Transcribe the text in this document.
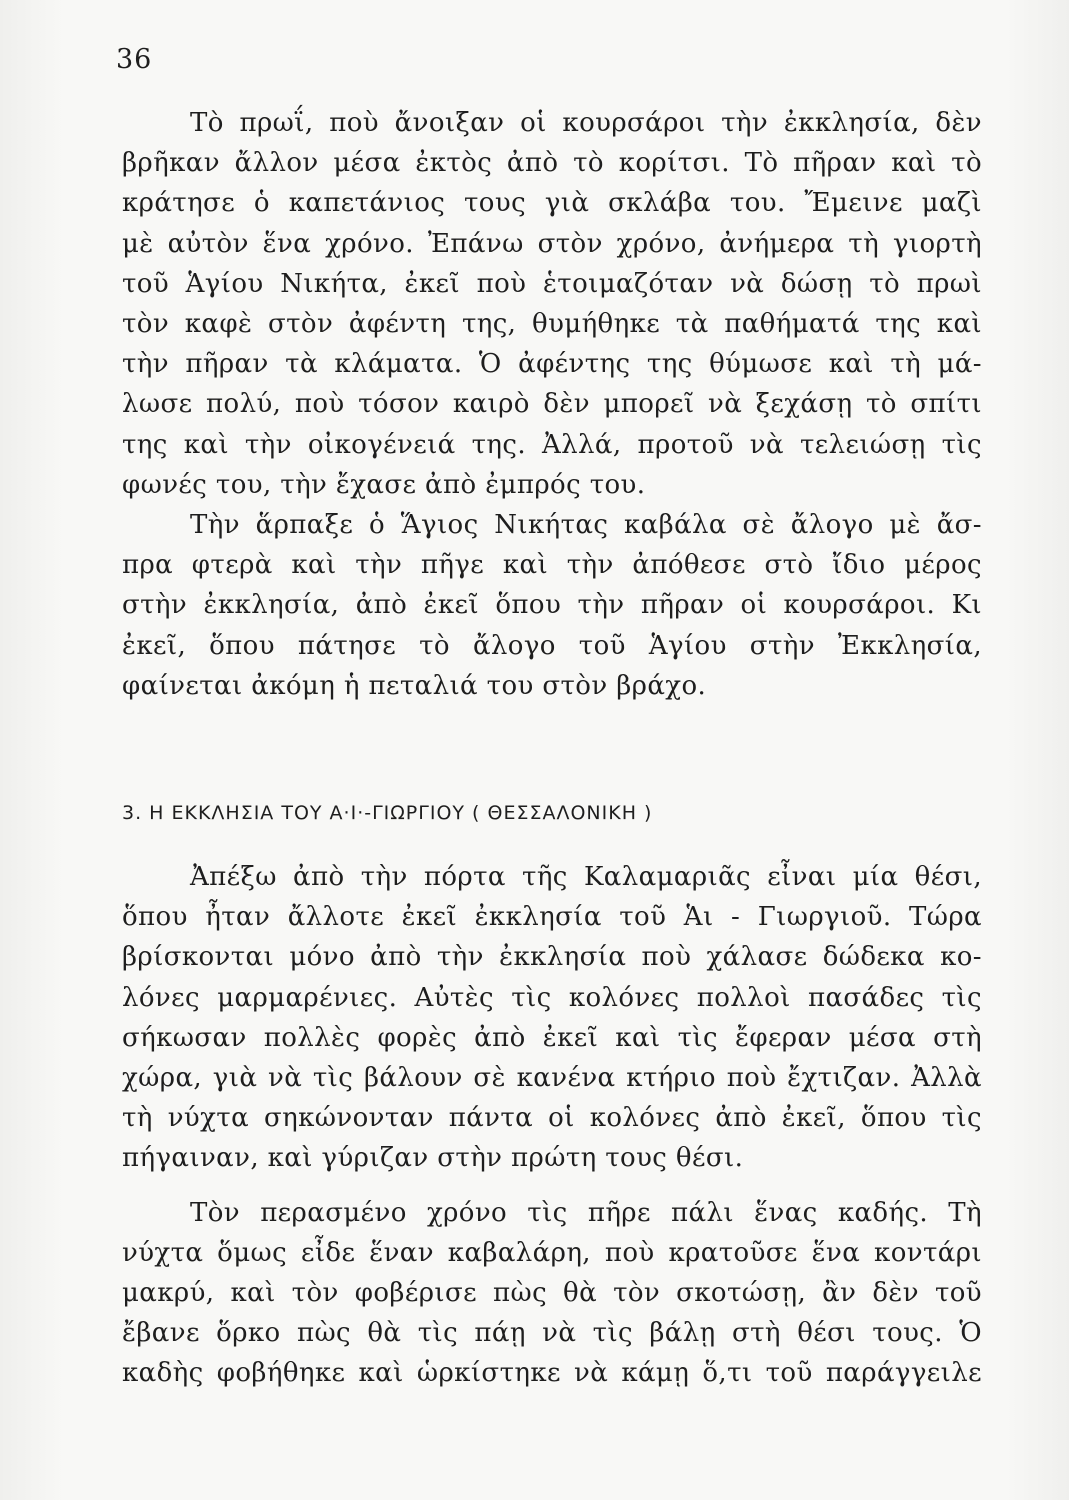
36
Τὸ πρωΐ, ποὺ ἄνοιξαν οἱ κουρσάροι τὴν ἐκκλησία, δὲν
βρῆκαν ἄλλον μέσα ἐκτὸς ἀπὸ τὸ κορίτσι. Τὸ πῆραν καὶ τὸ
κράτησε ὁ καπετάνιος τους γιὰ σκλάβα του. Ἔμεινε μαζὶ
μὲ αὐτὸν ἕνα χρόνο. Ἐπάνω στὸν χρόνο, ἀνήμερα τὴ γιορτὴ
τοῦ Ἁγίου Νικήτα, ἐκεῖ ποὺ ἑτοιμαζόταν νὰ δώσῃ τὸ πρωὶ
τὸν καφὲ στὸν ἀφέντη της, θυμήθηκε τὰ παθήματά της καὶ
τὴν πῆραν τὰ κλάματα. Ὁ ἀφέντης της θύμωσε καὶ τὴ μά-
λωσε πολύ, ποὺ τόσον καιρὸ δὲν μπορεῖ νὰ ξεχάσῃ τὸ σπίτι
της καὶ τὴν οἰκογένειά της. Ἀλλά, προτοῦ νὰ τελειώσῃ τὶς
φωνές του, τὴν ἔχασε ἀπὸ ἐμπρός του.
Τὴν ἅρπαξε ὁ Ἅγιος Νικήτας καβάλα σὲ ἄλογο μὲ ἄσ-
πρα φτερὰ καὶ τὴν πῆγε καὶ τὴν ἀπόθεσε στὸ ἴδιο μέρος
στὴν ἐκκλησία, ἀπὸ ἐκεῖ ὅπου τὴν πῆραν οἱ κουρσάροι. Κι
ἐκεῖ, ὅπου πάτησε τὸ ἄλογο τοῦ Ἁγίου στὴν Ἐκκλησία,
φαίνεται ἀκόμη ἡ πεταλιά του στὸν βράχο.
3. Η ΕΚΚΛΗΣΙΑ ΤΟΥ Α·Ι·-ΓΙΩΡΓΙΟΥ ( ΘΕΣΣΑΛΟΝΙΚΗ )
Ἀπέξω ἀπὸ τὴν πόρτα τῆς Καλαμαριᾶς εἶναι μία θέσι,
ὅπου ἦταν ἄλλοτε ἐκεῖ ἐκκλησία τοῦ Ἁι - Γιωργιοῦ. Τώρα
βρίσκονται μόνο ἀπὸ τὴν ἐκκλησία ποὺ χάλασε δώδεκα κο-
λόνες μαρμαρένιες. Αὐτὲς τὶς κολόνες πολλοὶ πασάδες τὶς
σήκωσαν πολλὲς φορὲς ἀπὸ ἐκεῖ καὶ τὶς ἔφεραν μέσα στὴ
χώρα, γιὰ νὰ τὶς βάλουν σὲ κανένα κτήριο ποὺ ἔχτιζαν. Ἀλλὰ
τὴ νύχτα σηκώνονταν πάντα οἱ κολόνες ἀπὸ ἐκεῖ, ὅπου τὶς
πήγαιναν, καὶ γύριζαν στὴν πρώτη τους θέσι.
Τὸν περασμένο χρόνο τὶς πῆρε πάλι ἕνας καδής. Τὴ
νύχτα ὅμως εἶδε ἕναν καβαλάρη, ποὺ κρατοῦσε ἕνα κοντάρι
μακρύ, καὶ τὸν φοβέρισε πὼς θὰ τὸν σκοτώσῃ, ἂν δὲν τοῦ
ἔβανε ὅρκο πὼς θὰ τὶς πάῃ νὰ τὶς βάλῃ στὴ θέσι τους. Ὁ
καδὴς φοβήθηκε καὶ ὡρκίστηκε νὰ κάμῃ ὅ,τι τοῦ παράγγειλε
